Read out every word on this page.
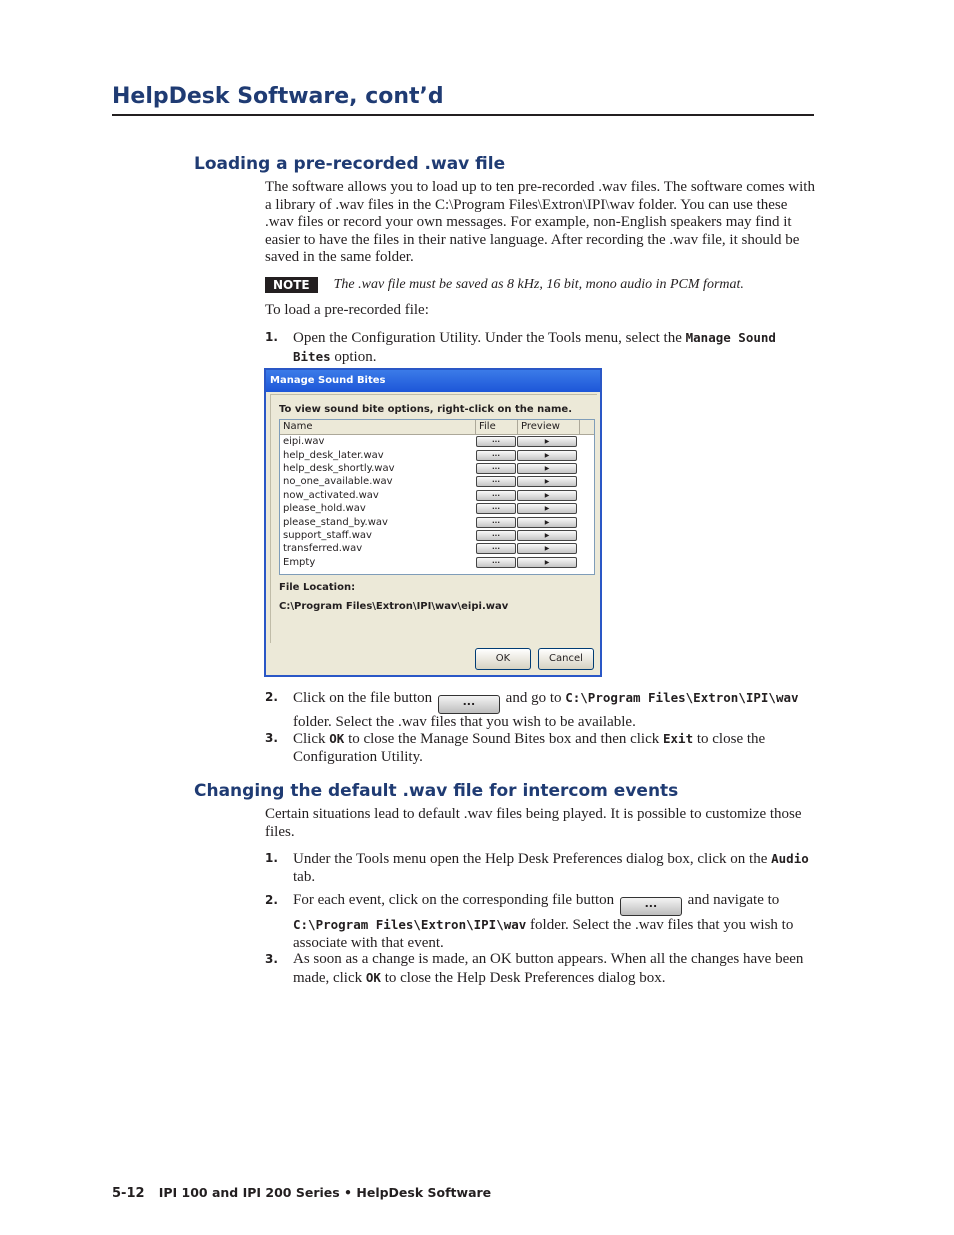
HelpDesk Software, cont’d
Loading a pre-recorded .wav file

The software allows you to load up to ten pre-recorded .wav files. The software comes with a library of .wav files in the C:\Program Files\Extron\IPI\wav folder. You can use these .wav files or record your own messages. For example, non-English speakers may find it easier to have the files in their native language. After recording the .wav file, it should be saved in the same folder.

NOTE	The .wav file must be saved as 8 kHz, 16 bit, mono audio in PCM format.

To load a pre-recorded file:

1.	Open the Configuration Utility. Under the Tools menu, select the Manage Sound Bites option.
Manage Sound Bites
To view sound bite options, right-click on the name.
Name	File	Preview
eipi.wav	...	▶
help_desk_later.wav	...	▶
help_desk_shortly.wav	...	▶
no_one_available.wav	...	▶
now_activated.wav	...	▶
please_hold.wav	...	▶
please_stand_by.wav	...	▶
support_staff.wav	...	▶
transferred.wav	...	▶
Empty	...	▶
File Location:
C:\Program Files\Extron\IPI\wav\eipi.wav
OK	Cancel
2.	Click on the file button ... and go to C:\Program Files\Extron\IPI\wav folder. Select the .wav files that you wish to be available.
3.	Click OK to close the Manage Sound Bites box and then click Exit to close the Configuration Utility.
Changing the default .wav file for intercom events

Certain situations lead to default .wav files being played. It is possible to customize those files.

1.	Under the Tools menu open the Help Desk Preferences dialog box, click on the Audio tab.
2.	For each event, click on the corresponding file button ... and navigate to C:\Program Files\Extron\IPI\wav folder. Select the .wav files that you wish to associate with that event.
3.	As soon as a change is made, an OK button appears. When all the changes have been made, click OK to close the Help Desk Preferences dialog box.
5-12 IPI 100 and IPI 200 Series • HelpDesk Software
